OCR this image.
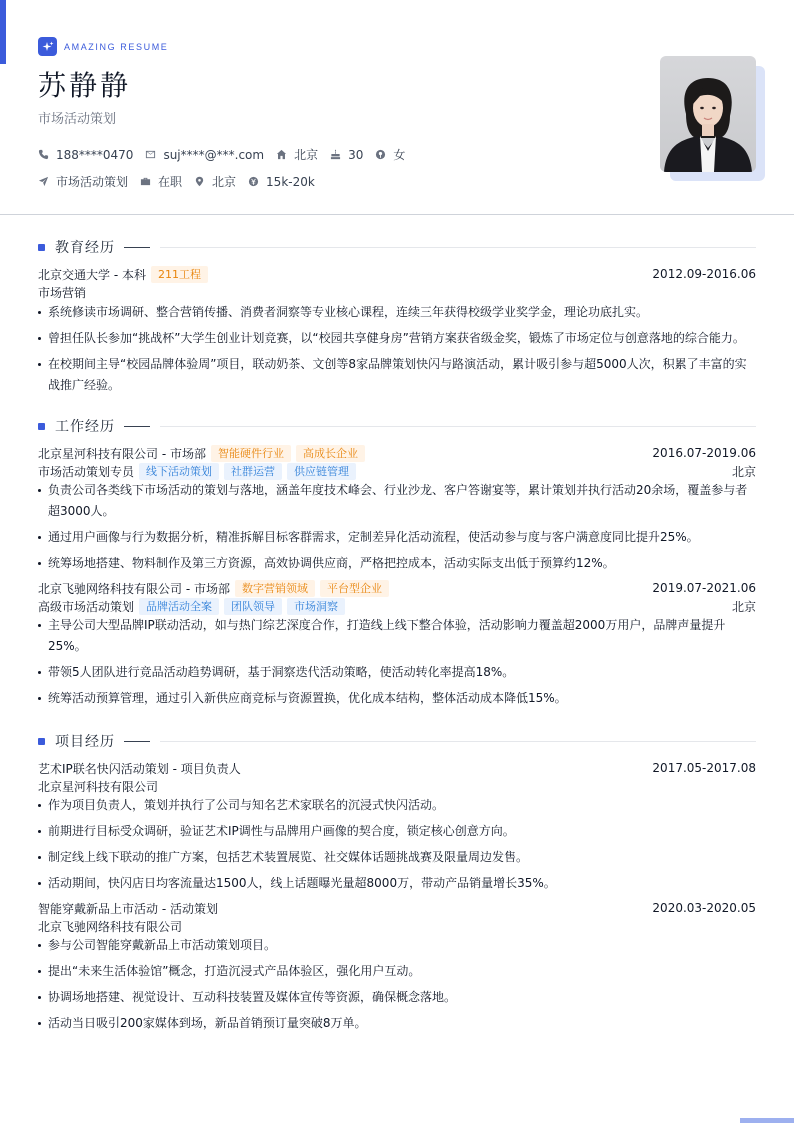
AMAZING RESUME
苏静静
市场活动策划
188****0470	suj****@***.com	北京	30	女
市场活动策划	在职	北京	15k-20k
教育经历
北京交通大学 - 本科	211工程	2012.09-2016.06
市场营销
系统修读市场调研、整合营销传播、消费者洞察等专业核心课程，连续三年获得校级学业奖学金，理论功底扎实。
曾担任队长参加“挑战杯”大学生创业计划竞赛，以“校园共享健身房”营销方案获省级金奖，锻炼了市场定位与创意落地的综合能力。
在校期间主导“校园品牌体验周”项目，联动奶茶、文创等8家品牌策划快闪与路演活动，累计吸引参与超5000人次，积累了丰富的实战推广经验。
工作经历
北京星河科技有限公司 - 市场部	智能硬件行业	高成长企业	2016.07-2019.06
市场活动策划专员	线下活动策划	社群运营	供应链管理	北京
负责公司各类线下市场活动的策划与落地，涵盖年度技术峰会、行业沙龙、客户答谢宴等，累计策划并执行活动20余场，覆盖参与者超3000人。
通过用户画像与行为数据分析，精准拆解目标客群需求，定制差异化活动流程，使活动参与度与客户满意度同比提升25%。
统筹场地搭建、物料制作及第三方资源，高效协调供应商，严格把控成本，活动实际支出低于预算约12%。
北京飞驰网络科技有限公司 - 市场部	数字营销领域	平台型企业	2019.07-2021.06
高级市场活动策划	品牌活动全案	团队领导	市场洞察	北京
主导公司大型品牌IP联动活动，如与热门综艺深度合作，打造线上线下整合体验，活动影响力覆盖超2000万用户，品牌声量提升25%。
带领5人团队进行竞品活动趋势调研，基于洞察迭代活动策略，使活动转化率提高18%。
统筹活动预算管理，通过引入新供应商竞标与资源置换，优化成本结构，整体活动成本降低15%。
项目经历
艺术IP联名快闪活动策划 - 项目负责人	2017.05-2017.08
北京星河科技有限公司
作为项目负责人，策划并执行了公司与知名艺术家联名的沉浸式快闪活动。
前期进行目标受众调研，验证艺术IP调性与品牌用户画像的契合度，锁定核心创意方向。
制定线上线下联动的推广方案，包括艺术装置展览、社交媒体话题挑战赛及限量周边发售。
活动期间，快闪店日均客流量达1500人，线上话题曝光量超8000万，带动产品销量增长35%。
智能穿戴新品上市活动 - 活动策划	2020.03-2020.05
北京飞驰网络科技有限公司
参与公司智能穿戴新品上市活动策划项目。
提出“未来生活体验馆”概念，打造沉浸式产品体验区，强化用户互动。
协调场地搭建、视觉设计、互动科技装置及媒体宣传等资源，确保概念落地。
活动当日吸引200家媒体到场，新品首销预订量突破8万单。
